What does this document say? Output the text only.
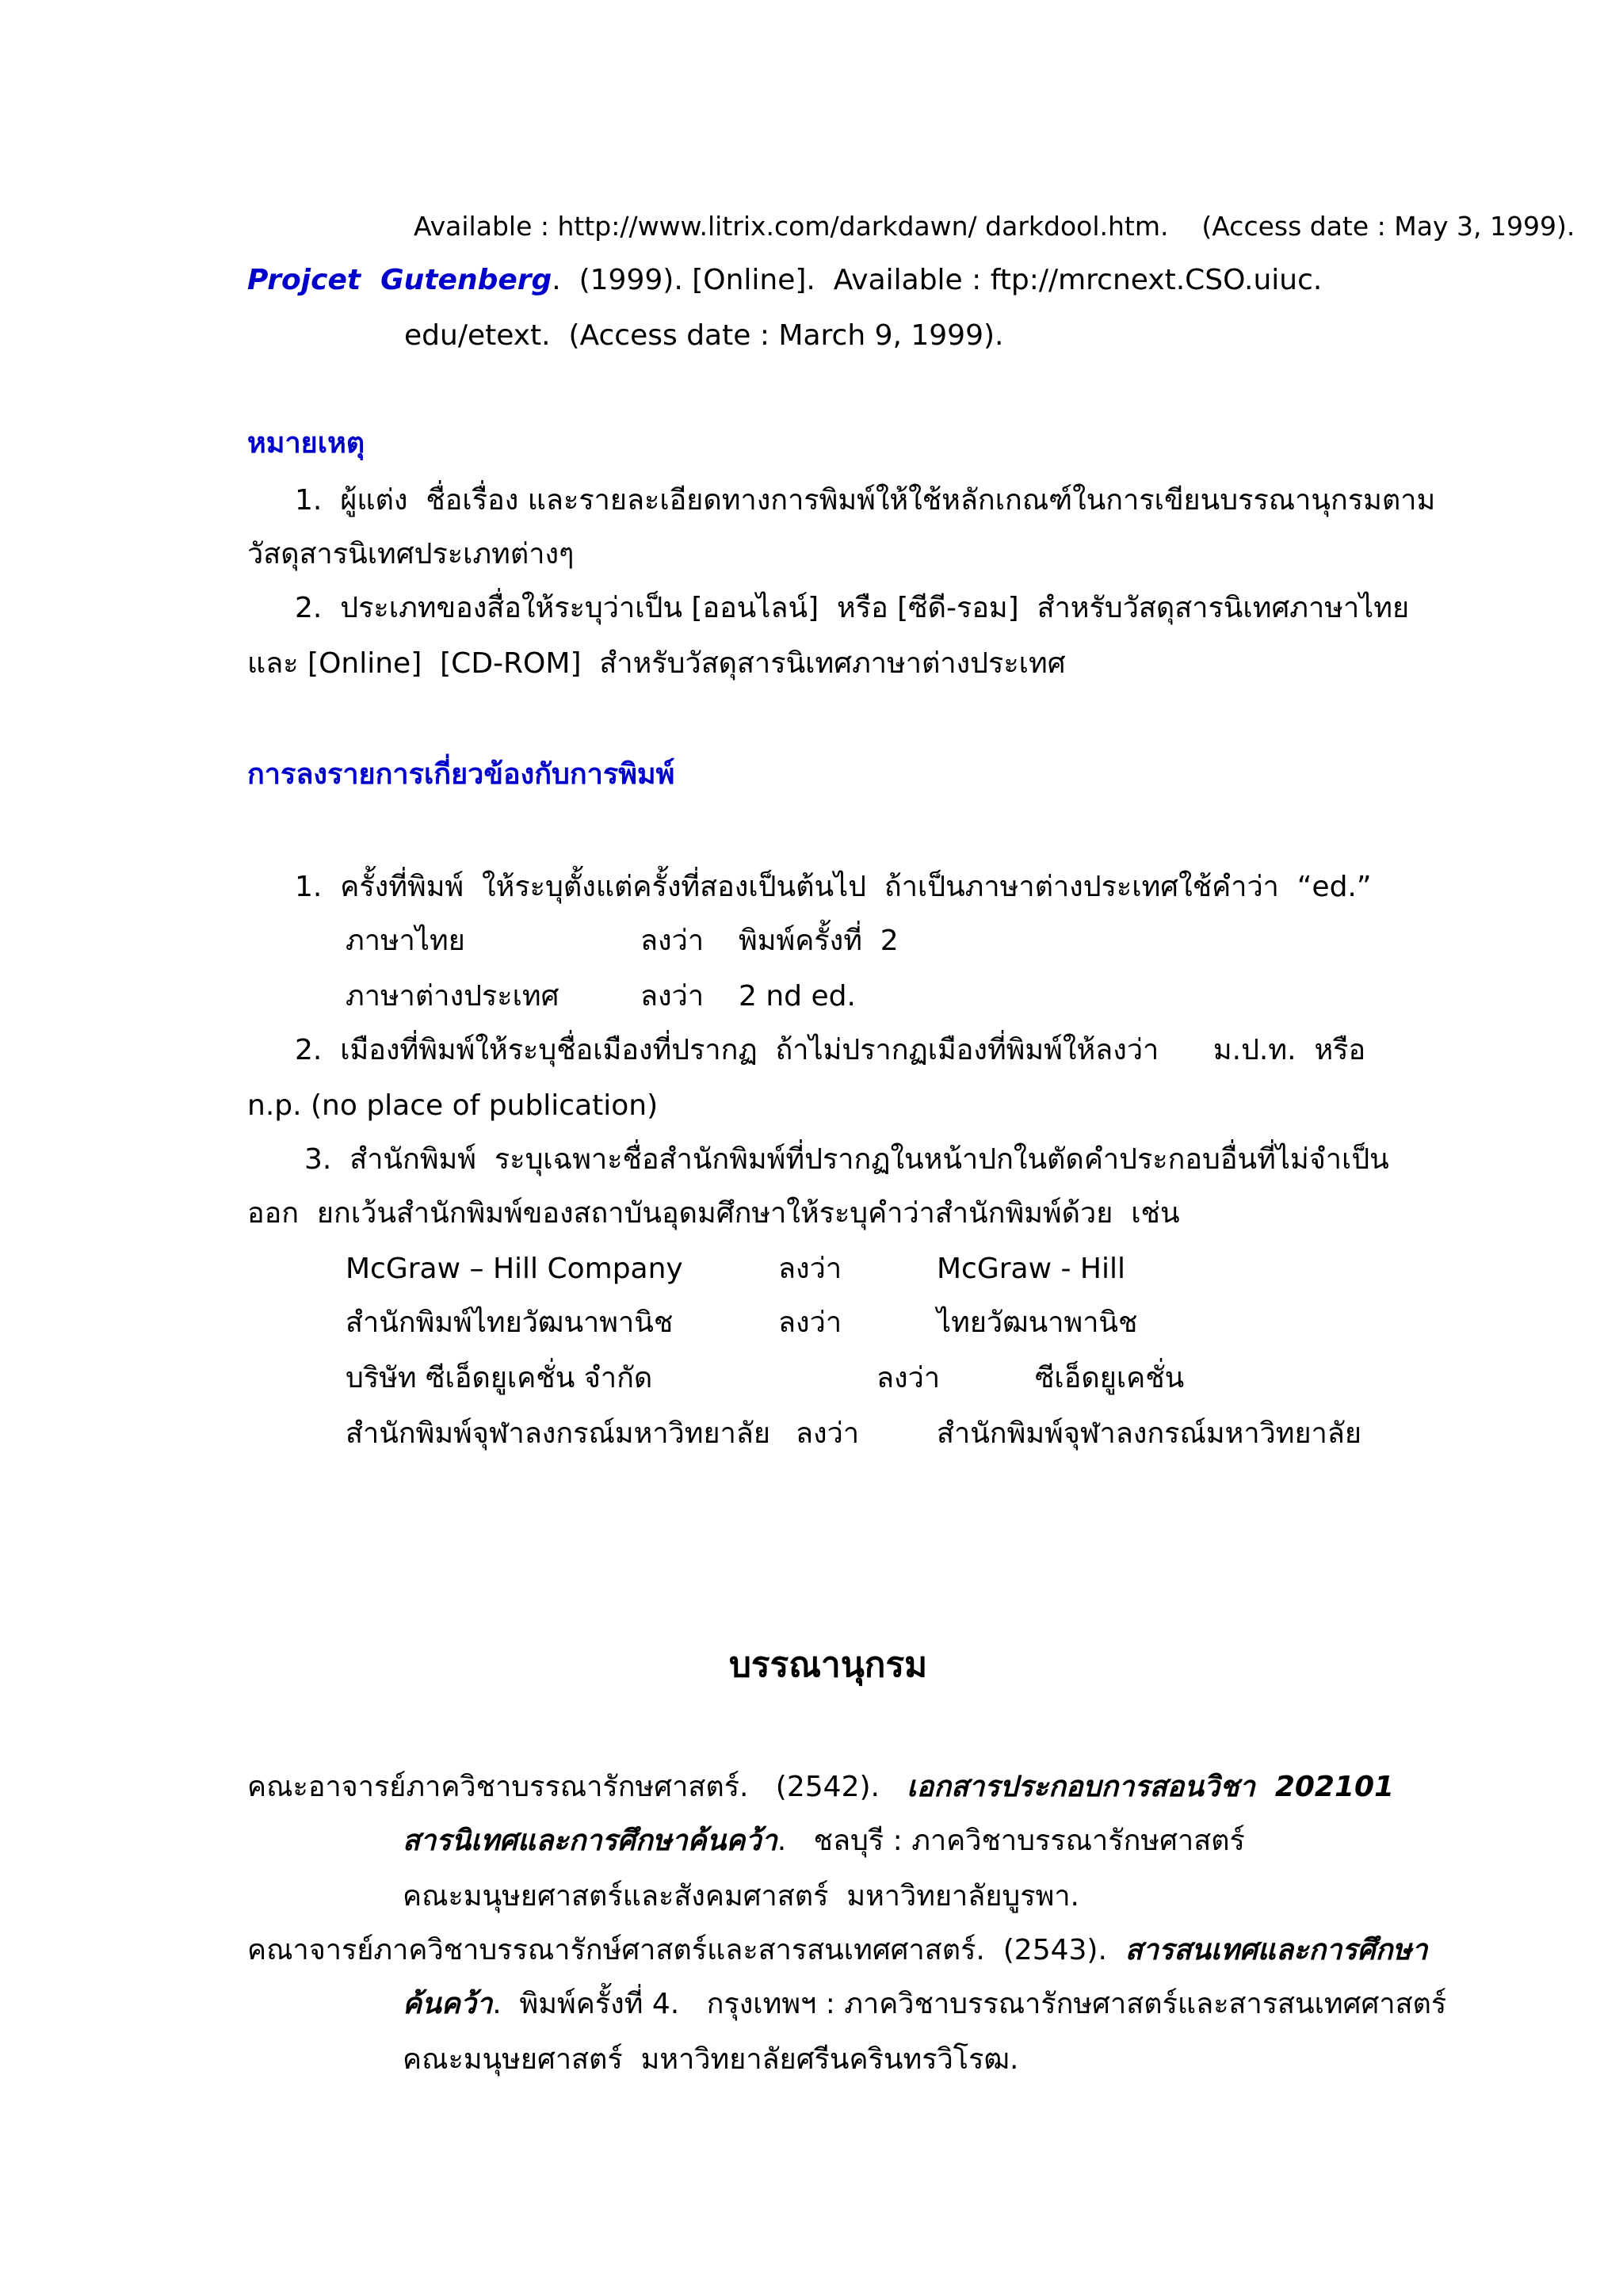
Available : http://www.litrix.com/darkdawn/ darkdool.htm.    (Access date : May 3, 1999).
Projcet  Gutenberg.  (1999). [Online].  Available : ftp://mrcnext.CSO.uiuc.
edu/etext.  (Access date : March 9, 1999).
หมายเหตุ
1.  ผู้แต่ง  ชื่อเรื่อง และรายละเอียดทางการพิมพ์ให้ใช้หลักเกณฑ์ในการเขียนบรรณานุกรมตาม
วัสดุสารนิเทศประเภทต่างๆ
2.  ประเภทของสื่อให้ระบุว่าเป็น [ออนไลน์]  หรือ [ซีดี-รอม]  สำหรับวัสดุสารนิเทศภาษาไทย
และ [Online]  [CD-ROM]  สำหรับวัสดุสารนิเทศภาษาต่างประเทศ
การลงรายการเกี่ยวข้องกับการพิมพ์
1.  ครั้งที่พิมพ์  ให้ระบุตั้งแต่ครั้งที่สองเป็นต้นไป  ถ้าเป็นภาษาต่างประเทศใช้คำว่า  “ed.”
ภาษาไทย	ลงว่า พิมพ์ครั้งที่  2
ภาษาต่างประเทศ	ลงว่า 2 nd ed.
2.  เมืองที่พิมพ์ให้ระบุชื่อเมืองที่ปรากฏ  ถ้าไม่ปรากฏเมืองที่พิมพ์ให้ลงว่า      ม.ป.ท.  หรือ
n.p. (no place of publication)
3.  สำนักพิมพ์  ระบุเฉพาะชื่อสำนักพิมพ์ที่ปรากฏในหน้าปกในตัดคำประกอบอื่นที่ไม่จำเป็น
ออก  ยกเว้นสำนักพิมพ์ของสถาบันอุดมศึกษาให้ระบุคำว่าสำนักพิมพ์ด้วย  เช่น
McGraw – Hill Company	ลงว่า	McGraw - Hill
สำนักพิมพ์ไทยวัฒนาพานิช	ลงว่า	ไทยวัฒนาพานิช
บริษัท ซีเอ็ดยูเคชั่น จำกัด	ลงว่า	ซีเอ็ดยูเคชั่น
สำนักพิมพ์จุฬาลงกรณ์มหาวิทยาลัย ลงว่า	สำนักพิมพ์จุฬาลงกรณ์มหาวิทยาลัย
บรรณานุกรม
คณะอาจารย์ภาควิชาบรรณารักษศาสตร์.   (2542).   เอกสารประกอบการสอนวิชา  202101
สารนิเทศและการศึกษาค้นคว้า.   ชลบุรี : ภาควิชาบรรณารักษศาสตร์
คณะมนุษยศาสตร์และสังคมศาสตร์  มหาวิทยาลัยบูรพา.
คณาจารย์ภาควิชาบรรณารักษ์ศาสตร์และสารสนเทศศาสตร์.  (2543).  สารสนเทศและการศึกษา
ค้นคว้า.  พิมพ์ครั้งที่ 4.   กรุงเทพฯ : ภาควิชาบรรณารักษศาสตร์และสารสนเทศศาสตร์
คณะมนุษยศาสตร์  มหาวิทยาลัยศรีนครินทรวิโรฒ.
